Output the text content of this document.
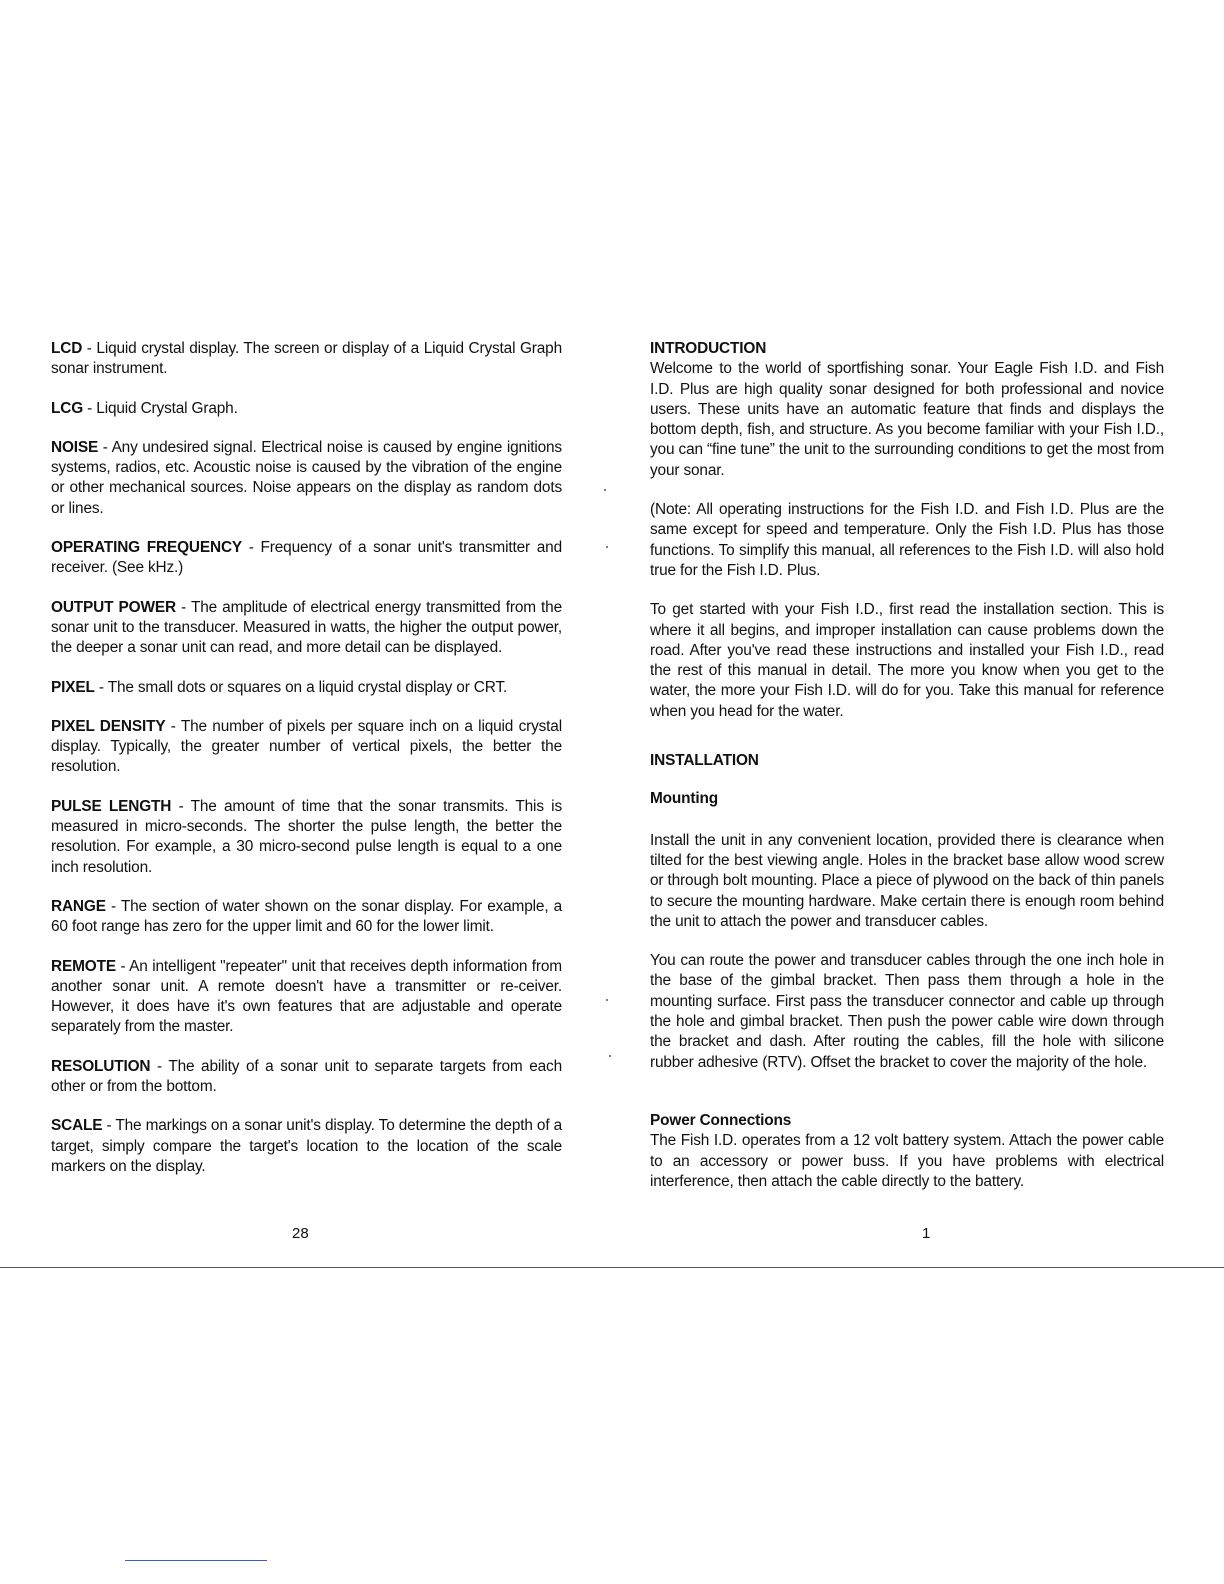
LCD - Liquid crystal display. The screen or display of a Liquid Crystal Graph sonar instrument.
LCG - Liquid Crystal Graph.
NOISE - Any undesired signal. Electrical noise is caused by engine ignitions systems, radios, etc. Acoustic noise is caused by the vibration of the engine or other mechanical sources. Noise appears on the display as random dots or lines.
OPERATING FREQUENCY - Frequency of a sonar unit's transmitter and receiver. (See kHz.)
OUTPUT POWER - The amplitude of electrical energy transmitted from the sonar unit to the transducer. Measured in watts, the higher the output power, the deeper a sonar unit can read, and more detail can be displayed.
PIXEL - The small dots or squares on a liquid crystal display or CRT.
PIXEL DENSITY - The number of pixels per square inch on a liquid crystal display. Typically, the greater number of vertical pixels, the better the resolution.
PULSE LENGTH - The amount of time that the sonar transmits. This is measured in micro-seconds. The shorter the pulse length, the better the resolution. For example, a 30 micro-second pulse length is equal to a one inch resolution.
RANGE - The section of water shown on the sonar display. For example, a 60 foot range has zero for the upper limit and 60 for the lower limit.
REMOTE - An intelligent "repeater" unit that receives depth information from another sonar unit. A remote doesn't have a transmitter or re-ceiver. However, it does have it's own features that are adjustable and operate separately from the master.
RESOLUTION - The ability of a sonar unit to separate targets from each other or from the bottom.
SCALE - The markings on a sonar unit's display. To determine the depth of a target, simply compare the target's location to the location of the scale markers on the display.
28
INTRODUCTION
Welcome to the world of sportfishing sonar. Your Eagle Fish I.D. and Fish I.D. Plus are high quality sonar designed for both professional and novice users. These units have an automatic feature that finds and displays the bottom depth, fish, and structure. As you become familiar with your Fish I.D., you can “fine tune” the unit to the surrounding conditions to get the most from your sonar.
(Note: All operating instructions for the Fish I.D. and Fish I.D. Plus are the same except for speed and temperature. Only the Fish I.D. Plus has those functions. To simplify this manual, all references to the Fish I.D. will also hold true for the Fish I.D. Plus.
To get started with your Fish I.D., first read the installation section. This is where it all begins, and improper installation can cause problems down the road. After you've read these instructions and installed your Fish I.D., read the rest of this manual in detail. The more you know when you get to the water, the more your Fish I.D. will do for you. Take this manual for reference when you head for the water.
INSTALLATION
Mounting
Install the unit in any convenient location, provided there is clearance when tilted for the best viewing angle. Holes in the bracket base allow wood screw or through bolt mounting. Place a piece of plywood on the back of thin panels to secure the mounting hardware. Make certain there is enough room behind the unit to attach the power and transducer cables.
You can route the power and transducer cables through the one inch hole in the base of the gimbal bracket. Then pass them through a hole in the mounting surface. First pass the transducer connector and cable up through the hole and gimbal bracket. Then push the power cable wire down through the bracket and dash. After routing the cables, fill the hole with silicone rubber adhesive (RTV). Offset the bracket to cover the majority of the hole.
Power Connections
The Fish I.D. operates from a 12 volt battery system. Attach the power cable to an accessory or power buss. If you have problems with electrical interference, then attach the cable directly to the battery.
1
